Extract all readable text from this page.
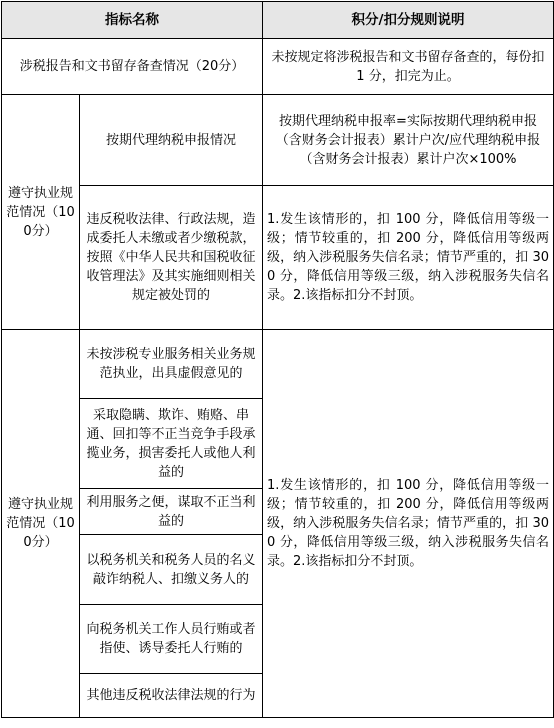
指标名称		积分/扣分规则说明
涉税报告和文书留存备查情况（20分）		未按规定将涉税报告和文书留存备查的，每份扣 1 分，扣完为止。
遵守执业规范情况（100分）	按期代理纳税申报情况	按期代理纳税申报率=实际按期代理纳税申报（含财务会计报表）累计户次/应代理纳税申报（含财务会计报表）累计户次×100%
	违反税收法律、行政法规，造成委托人未缴或者少缴税款，按照《中华人民共和国税收征收管理法》及其实施细则相关规定被处罚的	1.发生该情形的，扣 100 分，降低信用等级一级；情节较重的，扣 200 分，降低信用等级两级，纳入涉税服务失信名录；情节严重的，扣 300 分，降低信用等级三级，纳入涉税服务失信名录。2.该指标扣分不封顶。
遵守执业规范情况（100分）	未按涉税专业服务相关业务规范执业，出具虚假意见的	1.发生该情形的，扣 100 分，降低信用等级一级；情节较重的，扣 200 分，降低信用等级两级，纳入涉税服务失信名录；情节严重的，扣 300 分，降低信用等级三级，纳入涉税服务失信名录。2.该指标扣分不封顶。
	采取隐瞒、欺诈、贿赂、串通、回扣等不正当竞争手段承揽业务，损害委托人或他人利益的	
	利用服务之便，谋取不正当利益的	
	以税务机关和税务人员的名义敲诈纳税人、扣缴义务人的	
	向税务机关工作人员行贿或者指使、诱导委托人行贿的	
	其他违反税收法律法规的行为	
